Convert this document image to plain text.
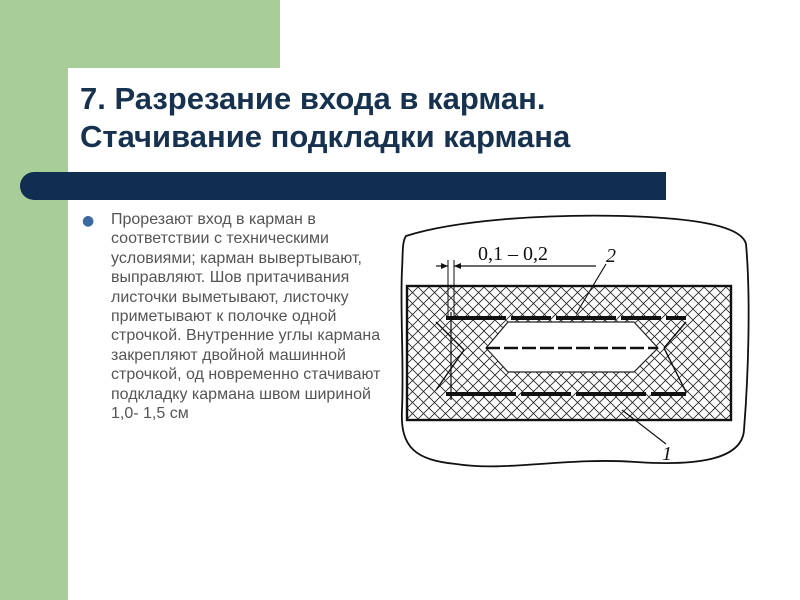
7. Разрезание входа в карман.
Стачивание подкладки кармана
● Прорезают вход в карман в соответствии с техническими условиями; карман вывертывают, выправляют. Шов притачивания листочки выметывают, листочку приметывают к полочке одной строчкой. Внутренние углы кармана закрепляют двойной машинной строчкой, од новременно стачивают подкладку кармана швом шириной 1,0- 1,5 см

0,1 – 0,2	2
1
